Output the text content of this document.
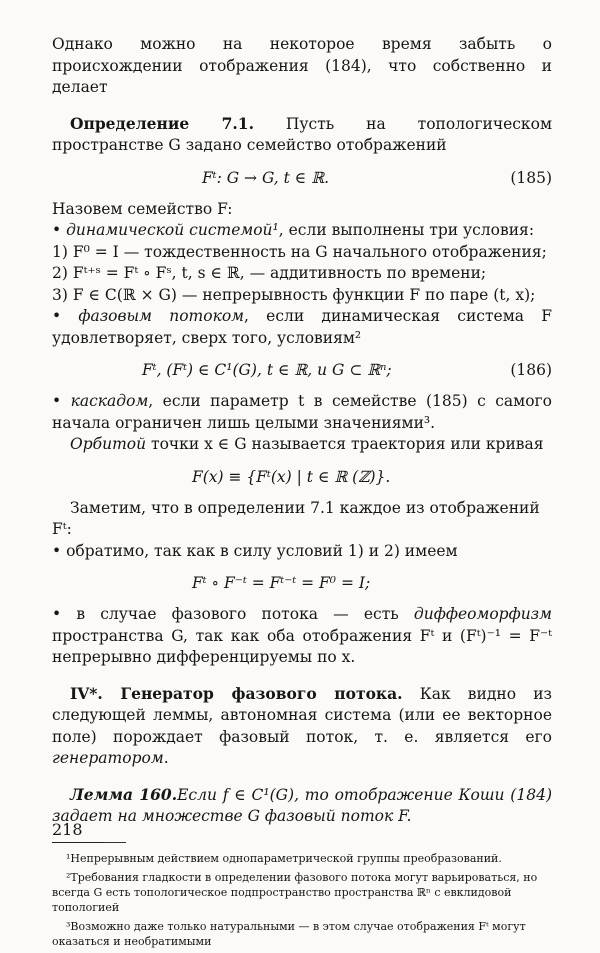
Однако можно на некоторое время забыть о происхождении отображения (184), что собственно и делает

Определение 7.1. Пусть на топологическом пространстве G задано семейство отображений

Fᵗ: G → G, t ∈ ℝ.	(185)

Назовем семейство F:

• динамической системой¹, если выполнены три условия:

1) F⁰ = I — тождественность на G начального отображения;

2) Fᵗ⁺ˢ = Fᵗ ∘ Fˢ, t, s ∈ ℝ, — аддитивность по времени;

3) F ∈ C(ℝ × G) — непрерывность функции F по паре (t, x);

• фазовым потоком, если динамическая система F удовлетворяет, сверх того, условиям²

Fᵗ, (Fᵗ) ∈ C¹(G), t ∈ ℝ, и G ⊂ ℝⁿ;	(186)

• каскадом, если параметр t в семействе (185) с самого начала ограничен лишь целыми значениями³.

Орбитой точки x ∈ G называется траектория или кривая

F(x) ≡ {Fᵗ(x) | t ∈ ℝ (ℤ)}.

Заметим, что в определении 7.1 каждое из отображений Fᵗ:

• обратимо, так как в силу условий 1) и 2) имеем

Fᵗ ∘ F⁻ᵗ = Fᵗ⁻ᵗ = F⁰ = I;

• в случае фазового потока — есть диффеоморфизм пространства G, так как оба отображения Fᵗ и (Fᵗ)⁻¹ = F⁻ᵗ непрерывно дифференцируемы по x.

IV*. Генератор фазового потока. Как видно из следующей леммы, автономная система (или ее векторное поле) порождает фазовый поток, т. е. является его генератором.

Лемма 160.Если f ∈ C¹(G), то отображение Коши (184) задает на множестве G фазовый поток F.

¹Непрерывным действием однопараметрической группы преобразований.
²Требования гладкости в определении фазового потока могут варьироваться, но всегда G есть топологическое подпространство пространства ℝⁿ с евклидовой топологией
³Возможно даже только натуральными — в этом случае отображения Fᵗ могут оказаться и необратимыми
218
